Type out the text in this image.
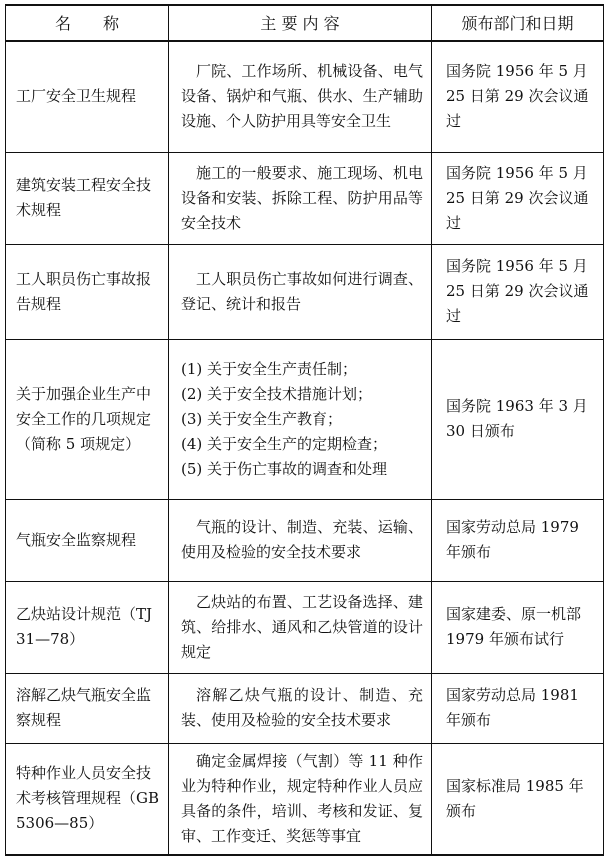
名　　称	主 要 内 容	颁布部门和日期
工厂安全卫生规程	厂院、工作场所、机械设备、电气设备、锅炉和气瓶、供水、生产辅助设施、个人防护用具等安全卫生	国务院 1956 年 5 月 25 日第 29 次会议通过
建筑安装工程安全技术规程	施工的一般要求、施工现场、机电设备和安装、拆除工程、防护用品等安全技术	国务院 1956 年 5 月 25 日第 29 次会议通过
工人职员伤亡事故报告规程	工人职员伤亡事故如何进行调查、登记、统计和报告	国务院 1956 年 5 月 25 日第 29 次会议通过
关于加强企业生产中安全工作的几项规定（简称 5 项规定）	(1) 关于安全生产责任制；
(2) 关于安全技术措施计划；
(3) 关于安全生产教育；
(4) 关于安全生产的定期检查；
(5) 关于伤亡事故的调查和处理	国务院 1963 年 3 月 30 日颁布
气瓶安全监察规程	气瓶的设计、制造、充装、运输、使用及检验的安全技术要求	国家劳动总局 1979 年颁布
乙炔站设计规范（TJ 31—78）	乙炔站的布置、工艺设备选择、建筑、给排水、通风和乙炔管道的设计规定	国家建委、原一机部 1979 年颁布试行
溶解乙炔气瓶安全监察规程	溶解乙炔气瓶的设计、制造、充装、使用及检验的安全技术要求	国家劳动总局 1981 年颁布
特种作业人员安全技术考核管理规程（GB 5306—85）	确定金属焊接（气割）等 11 种作业为特种作业，规定特种作业人员应具备的条件，培训、考核和发证、复审、工作变迁、奖惩等事宜	国家标准局 1985 年颁布
